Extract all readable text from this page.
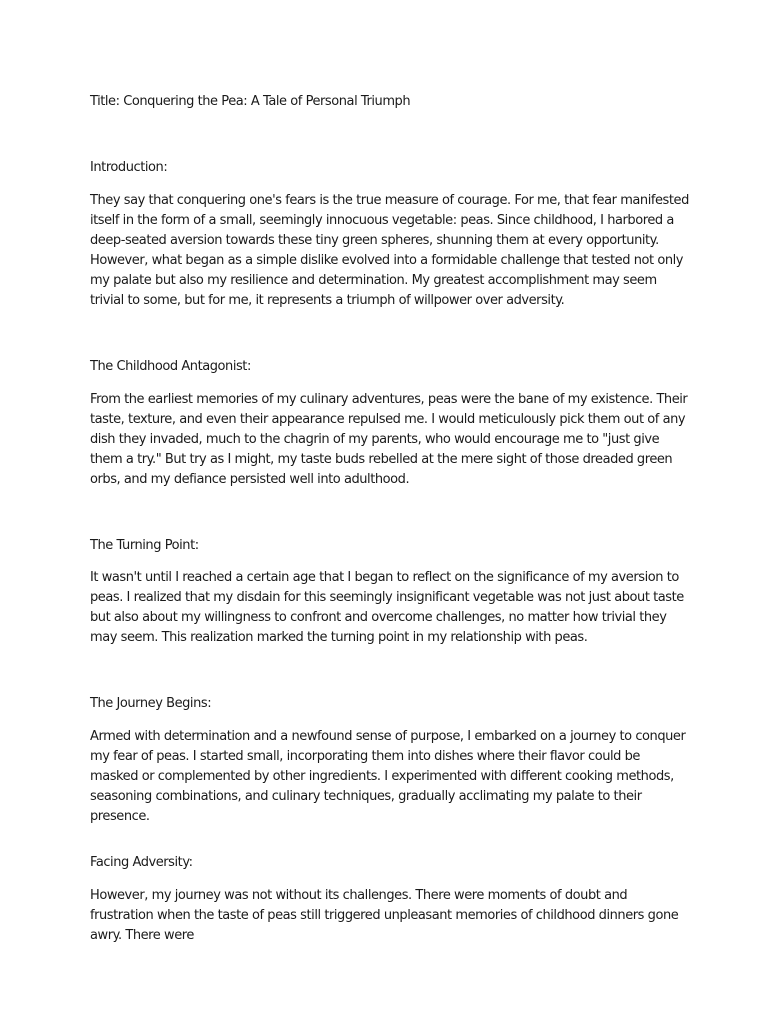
Title: Conquering the Pea: A Tale of Personal Triumph

Introduction:

They say that conquering one's fears is the true measure of courage. For me, that fear manifested itself in the form of a small, seemingly innocuous vegetable: peas. Since childhood, I harbored a deep-seated aversion towards these tiny green spheres, shunning them at every opportunity. However, what began as a simple dislike evolved into a formidable challenge that tested not only my palate but also my resilience and determination. My greatest accomplishment may seem trivial to some, but for me, it represents a triumph of willpower over adversity.

The Childhood Antagonist:

From the earliest memories of my culinary adventures, peas were the bane of my existence. Their taste, texture, and even their appearance repulsed me. I would meticulously pick them out of any dish they invaded, much to the chagrin of my parents, who would encourage me to "just give them a try." But try as I might, my taste buds rebelled at the mere sight of those dreaded green orbs, and my defiance persisted well into adulthood.

The Turning Point:

It wasn't until I reached a certain age that I began to reflect on the significance of my aversion to peas. I realized that my disdain for this seemingly insignificant vegetable was not just about taste but also about my willingness to confront and overcome challenges, no matter how trivial they may seem. This realization marked the turning point in my relationship with peas.

The Journey Begins:

Armed with determination and a newfound sense of purpose, I embarked on a journey to conquer my fear of peas. I started small, incorporating them into dishes where their flavor could be masked or complemented by other ingredients. I experimented with different cooking methods, seasoning combinations, and culinary techniques, gradually acclimating my palate to their presence.

Facing Adversity:

However, my journey was not without its challenges. There were moments of doubt and frustration when the taste of peas still triggered unpleasant memories of childhood dinners gone awry. There were
